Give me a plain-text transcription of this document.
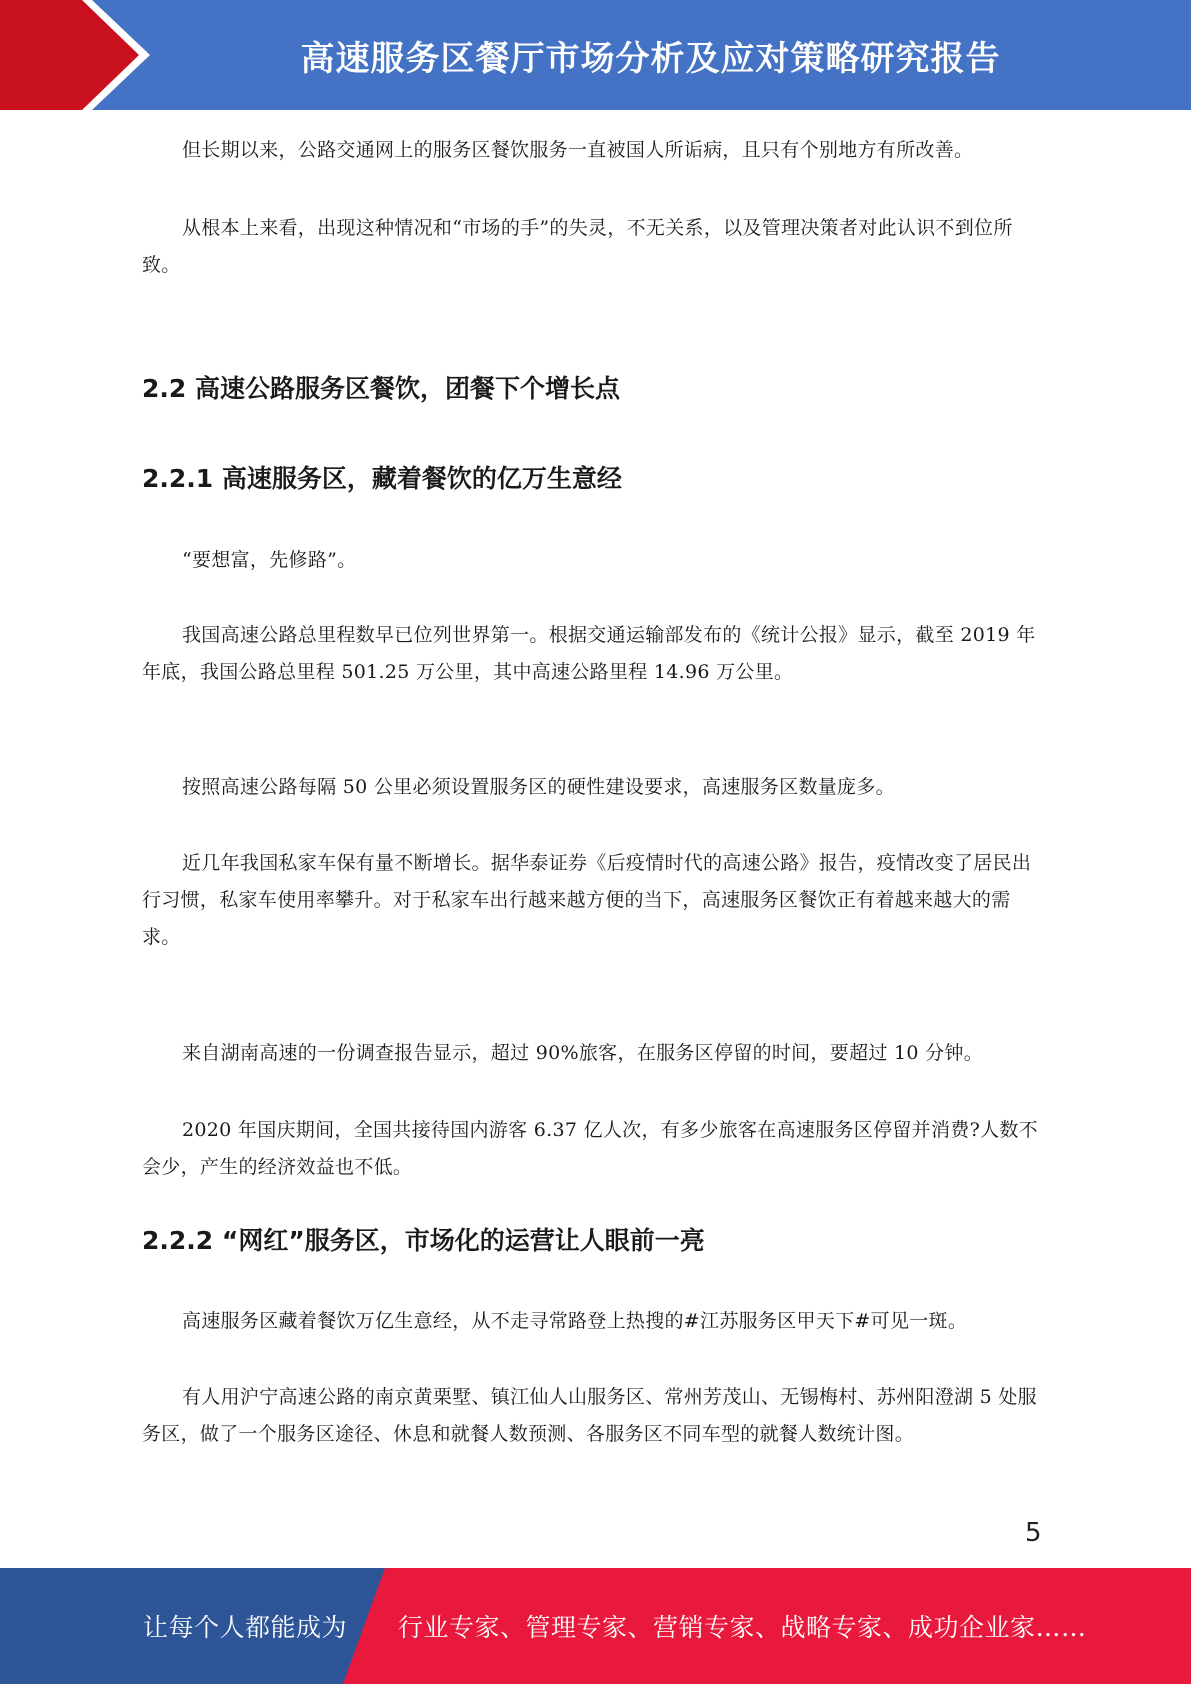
高速服务区餐厅市场分析及应对策略研究报告

但长期以来，公路交通网上的服务区餐饮服务一直被国人所诟病，且只有个别地方有所改善。

从根本上来看，出现这种情况和“市场的手”的失灵，不无关系，以及管理决策者对此认识不到位所致。

2.2 高速公路服务区餐饮，团餐下个增长点
2.2.1 高速服务区，藏着餐饮的亿万生意经

“要想富，先修路”。

我国高速公路总里程数早已位列世界第一。根据交通运输部发布的《统计公报》显示，截至 2019 年年底，我国公路总里程 501.25 万公里，其中高速公路里程 14.96 万公里。

按照高速公路每隔 50 公里必须设置服务区的硬性建设要求，高速服务区数量庞多。

近几年我国私家车保有量不断增长。据华泰证券《后疫情时代的高速公路》报告，疫情改变了居民出行习惯，私家车使用率攀升。对于私家车出行越来越方便的当下，高速服务区餐饮正有着越来越大的需求。

来自湖南高速的一份调查报告显示，超过 90%旅客，在服务区停留的时间，要超过 10 分钟。

2020 年国庆期间，全国共接待国内游客 6.37 亿人次，有多少旅客在高速服务区停留并消费?人数不会少，产生的经济效益也不低。

2.2.2 “网红”服务区，市场化的运营让人眼前一亮

高速服务区藏着餐饮万亿生意经，从不走寻常路登上热搜的#江苏服务区甲天下#可见一斑。

有人用沪宁高速公路的南京黄栗墅、镇江仙人山服务区、常州芳茂山、无锡梅村、苏州阳澄湖 5 处服务区，做了一个服务区途径、休息和就餐人数预测、各服务区不同车型的就餐人数统计图。

5
让每个人都能成为 行业专家、管理专家、营销专家、战略专家、成功企业家……
